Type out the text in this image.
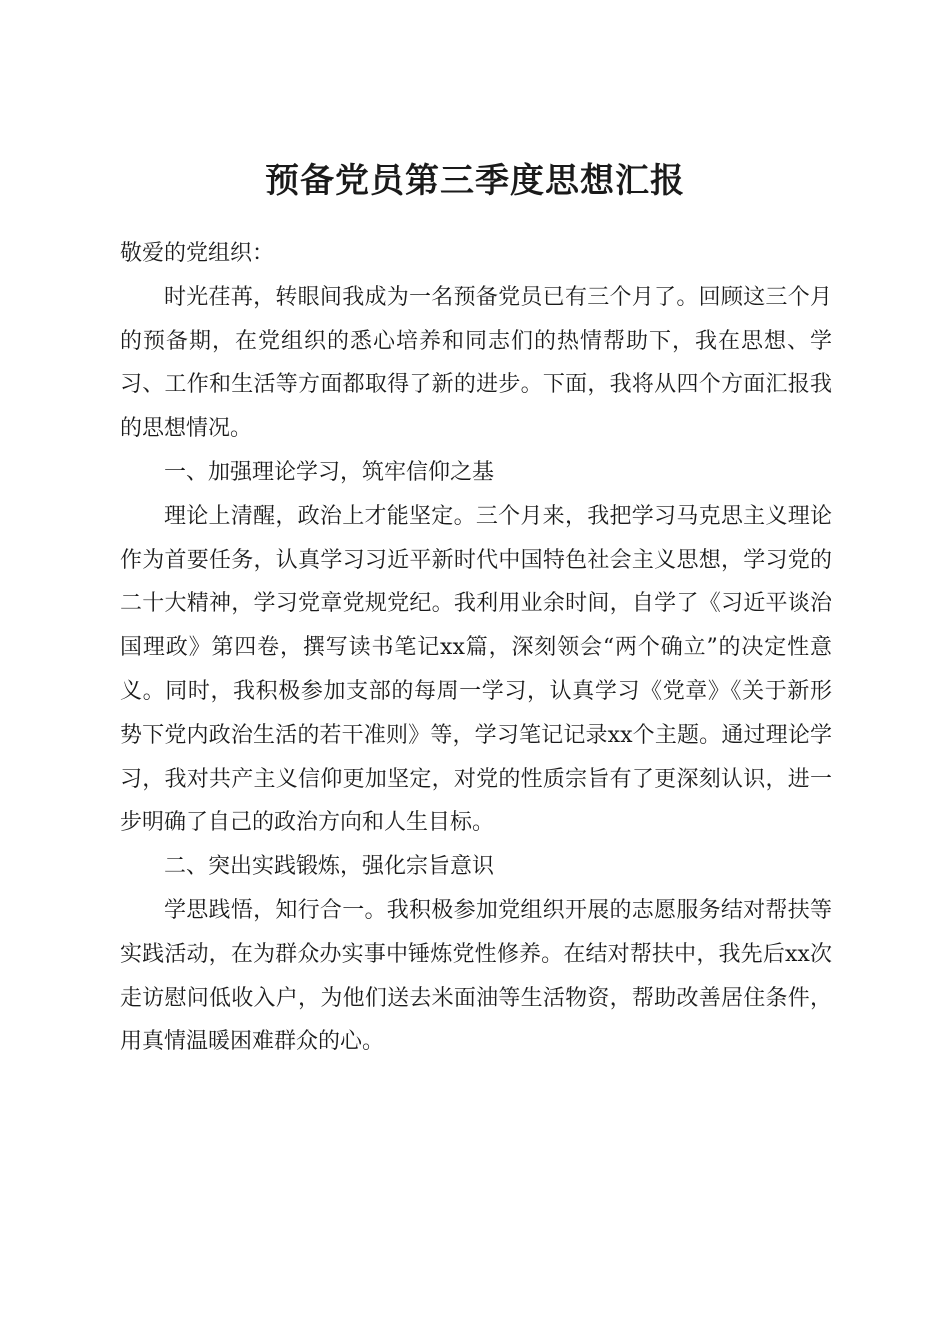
预备党员第三季度思想汇报

敬爱的党组织：

时光荏苒，转眼间我成为一名预备党员已有三个月了。回顾这三个月的预备期，在党组织的悉心培养和同志们的热情帮助下，我在思想、学习、工作和生活等方面都取得了新的进步。下面，我将从四个方面汇报我的思想情况。

一、加强理论学习，筑牢信仰之基

理论上清醒，政治上才能坚定。三个月来，我把学习马克思主义理论作为首要任务，认真学习习近平新时代中国特色社会主义思想，学习党的二十大精神，学习党章党规党纪。我利用业余时间，自学了《习近平谈治国理政》第四卷，撰写读书笔记xx篇，深刻领会“两个确立”的决定性意义。同时，我积极参加支部的每周一学习，认真学习《党章》《关于新形势下党内政治生活的若干准则》等，学习笔记记录xx个主题。通过理论学习，我对共产主义信仰更加坚定，对党的性质宗旨有了更深刻认识，进一步明确了自己的政治方向和人生目标。

二、突出实践锻炼，强化宗旨意识

学思践悟，知行合一。我积极参加党组织开展的志愿服务结对帮扶等实践活动，在为群众办实事中锤炼党性修养。在结对帮扶中，我先后xx次走访慰问低收入户，为他们送去米面油等生活物资，帮助改善居住条件，用真情温暖困难群众的心。
